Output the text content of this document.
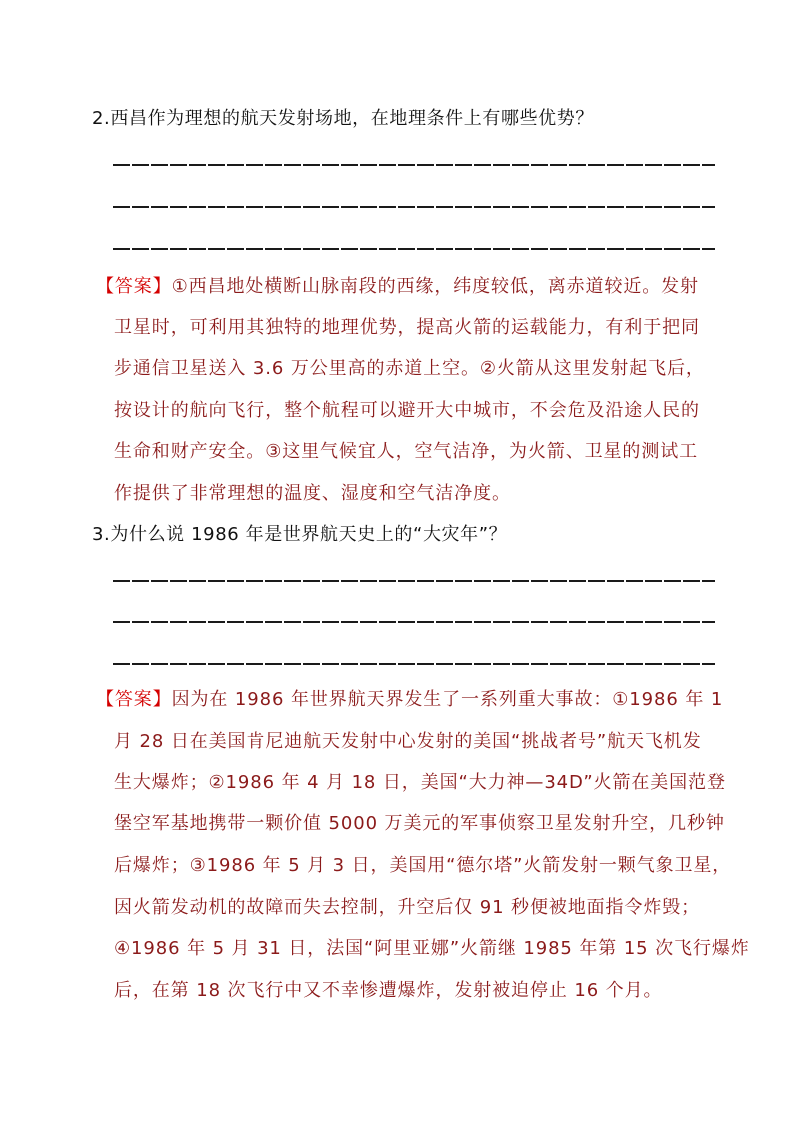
2.西昌作为理想的航天发射场地，在地理条件上有哪些优势？
【答案】①西昌地处横断山脉南段的西缘，纬度较低，离赤道较近。发射
卫星时，可利用其独特的地理优势，提高火箭的运载能力，有利于把同
步通信卫星送入 3.6 万公里高的赤道上空。②火箭从这里发射起飞后，
按设计的航向飞行，整个航程可以避开大中城市，不会危及沿途人民的
生命和财产安全。③这里气候宜人，空气洁净，为火箭、卫星的测试工
作提供了非常理想的温度、湿度和空气洁净度。
3.为什么说 1986 年是世界航天史上的“大灾年”？
【答案】因为在 1986 年世界航天界发生了一系列重大事故：①1986 年 1
月 28 日在美国肯尼迪航天发射中心发射的美国“挑战者号”航天飞机发
生大爆炸；②1986 年 4 月 18 日，美国“大力神—34D”火箭在美国范登
堡空军基地携带一颗价值 5000 万美元的军事侦察卫星发射升空，几秒钟
后爆炸；③1986 年 5 月 3 日，美国用“德尔塔”火箭发射一颗气象卫星，
因火箭发动机的故障而失去控制，升空后仅 91 秒便被地面指令炸毁；
④1986 年 5 月 31 日，法国“阿里亚娜”火箭继 1985 年第 15 次飞行爆炸
后，在第 18 次飞行中又不幸惨遭爆炸，发射被迫停止 16 个月。
